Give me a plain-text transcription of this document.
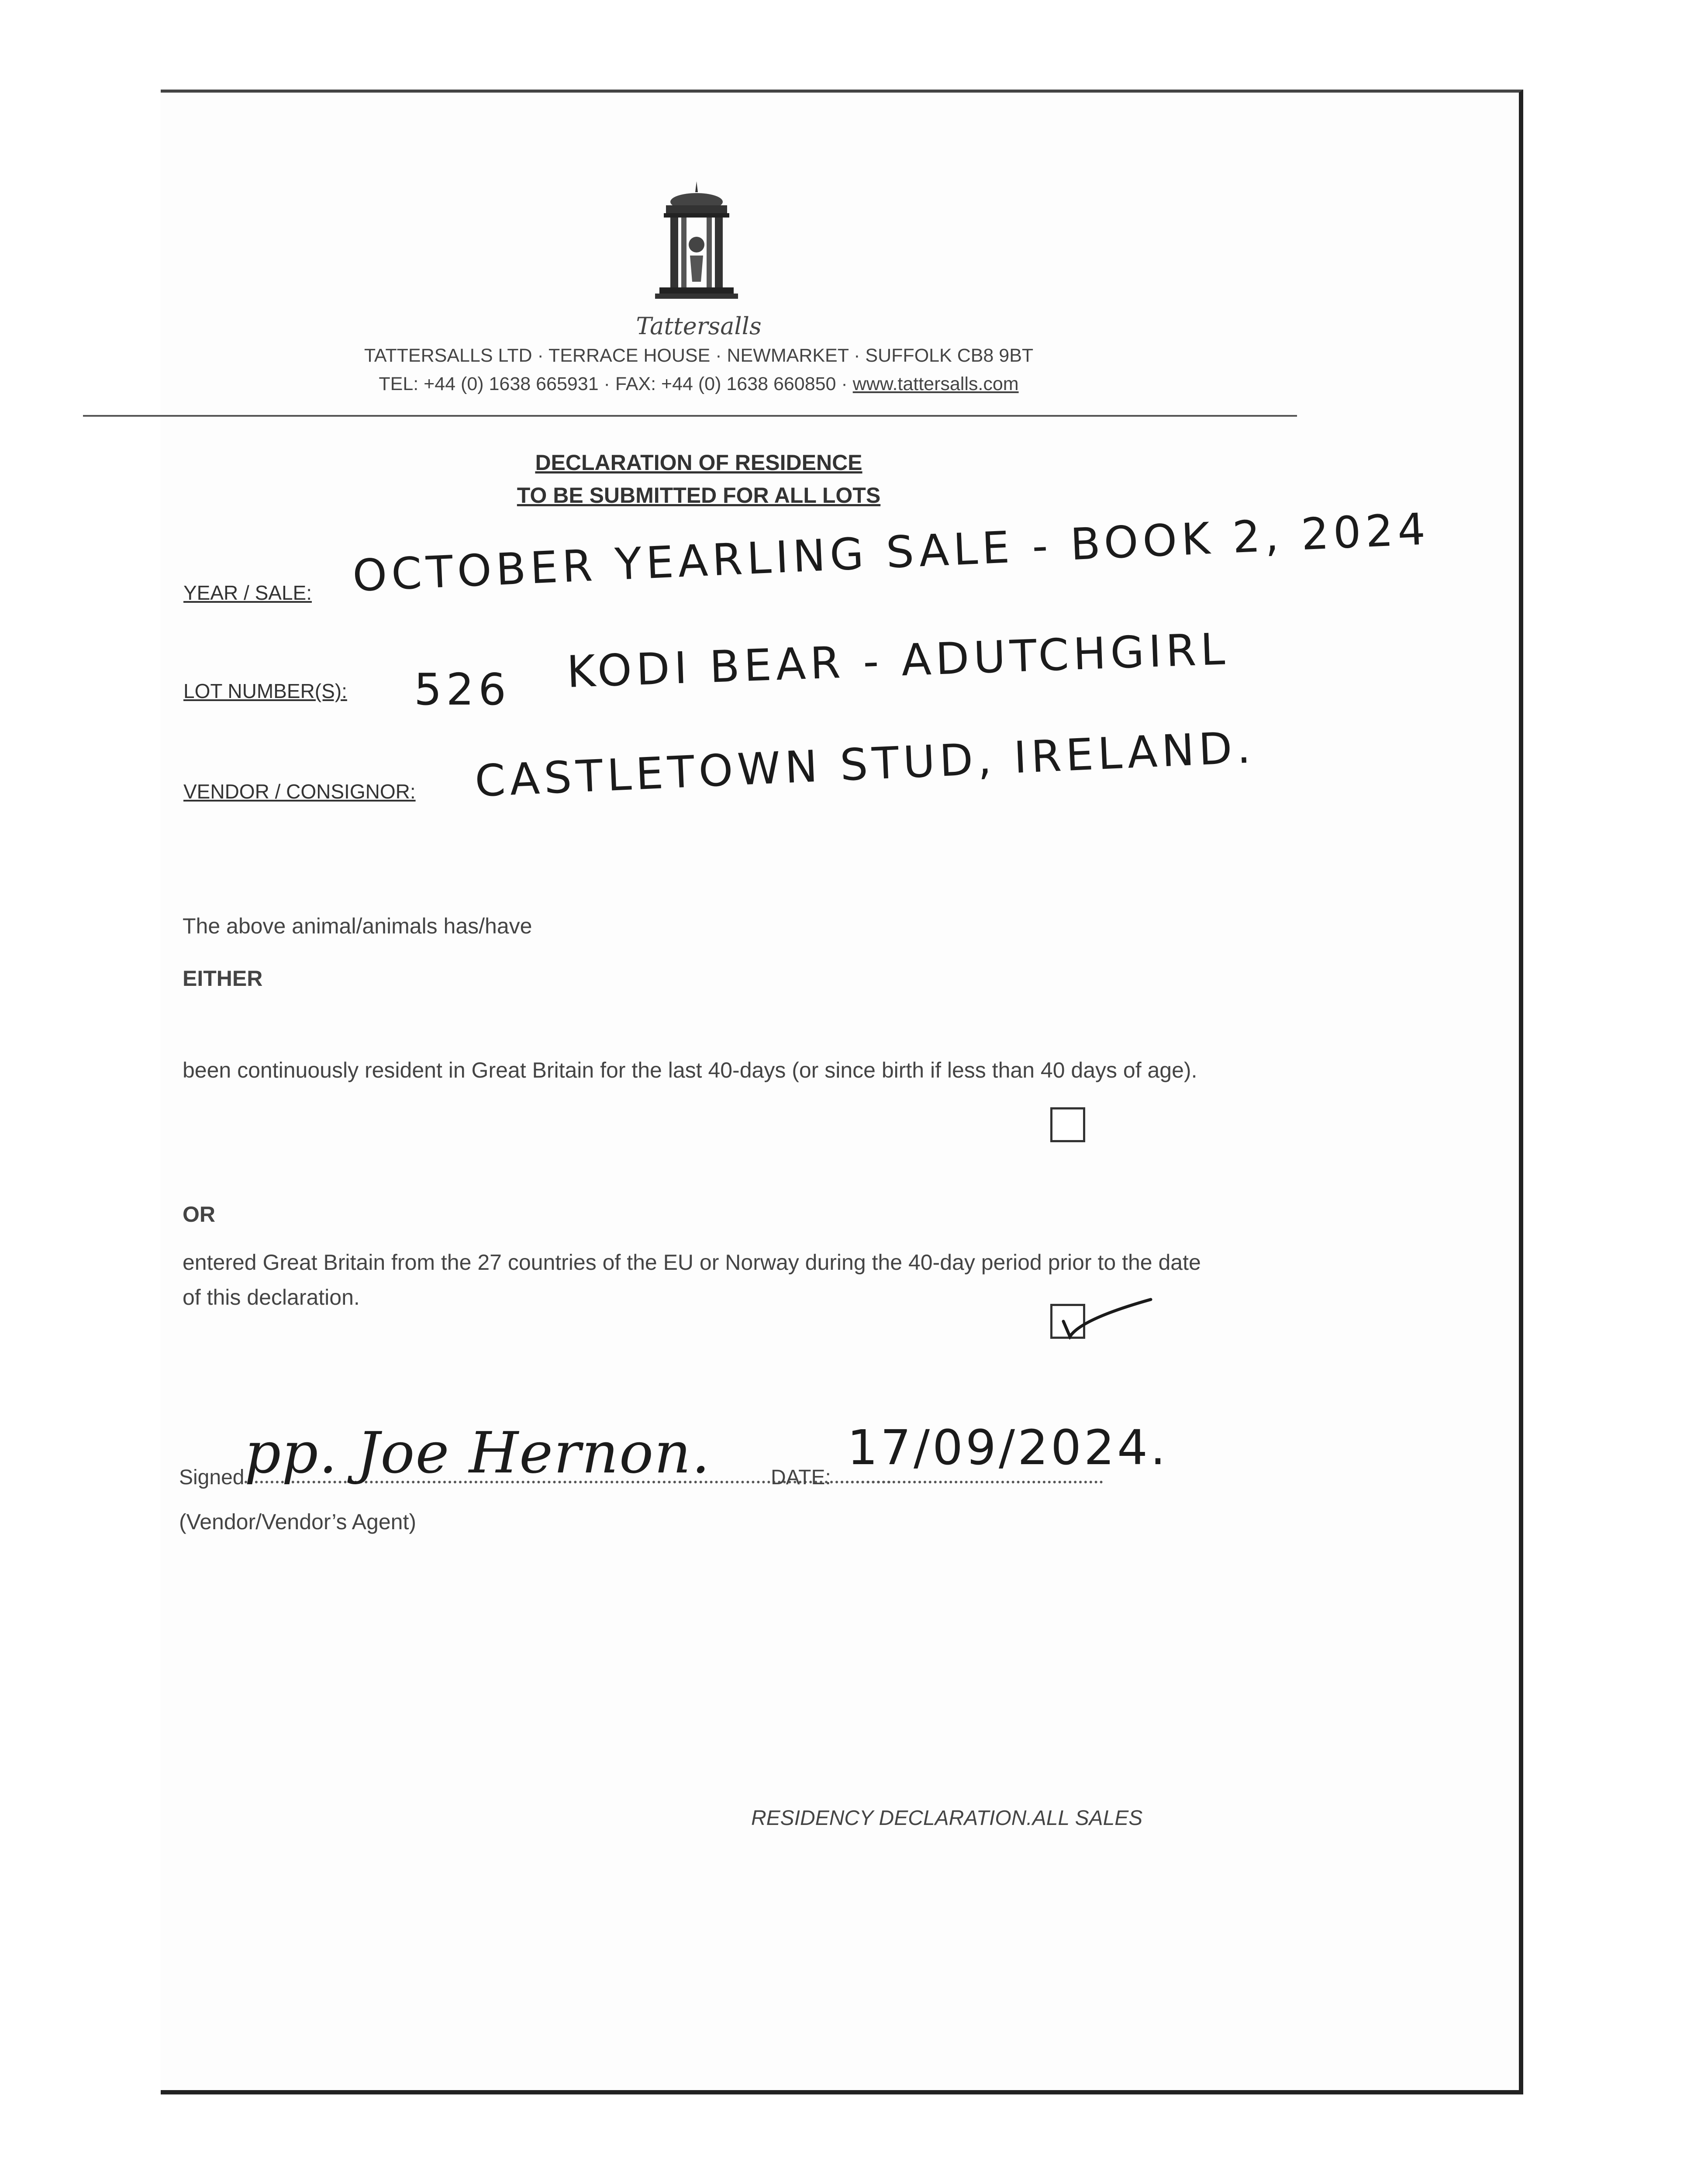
Tattersalls
TATTERSALLS LTD · TERRACE HOUSE · NEWMARKET · SUFFOLK CB8 9BT
TEL: +44 (0) 1638 665931 · FAX: +44 (0) 1638 660850 · www.tattersalls.com
DECLARATION OF RESIDENCE
TO BE SUBMITTED FOR ALL LOTS
YEAR / SALE: OCTOBER YEARLING SALE - BOOK 2, 2024
LOT NUMBER(S): 526 KODI BEAR - ADUTCHGIRL
VENDOR / CONSIGNOR: CASTLETOWN STUD, IRELAND.
The above animal/animals has/have
EITHER
been continuously resident in Great Britain for the last 40-days (or since birth if less than 40 days of age).
OR
entered Great Britain from the 27 countries of the EU or Norway during the 40-day period prior to the date of this declaration.
Signed pp. Joe Hernon.	DATE:
17/09/2024.
(Vendor/Vendor’s Agent)
RESIDENCY DECLARATION.ALL SALES
